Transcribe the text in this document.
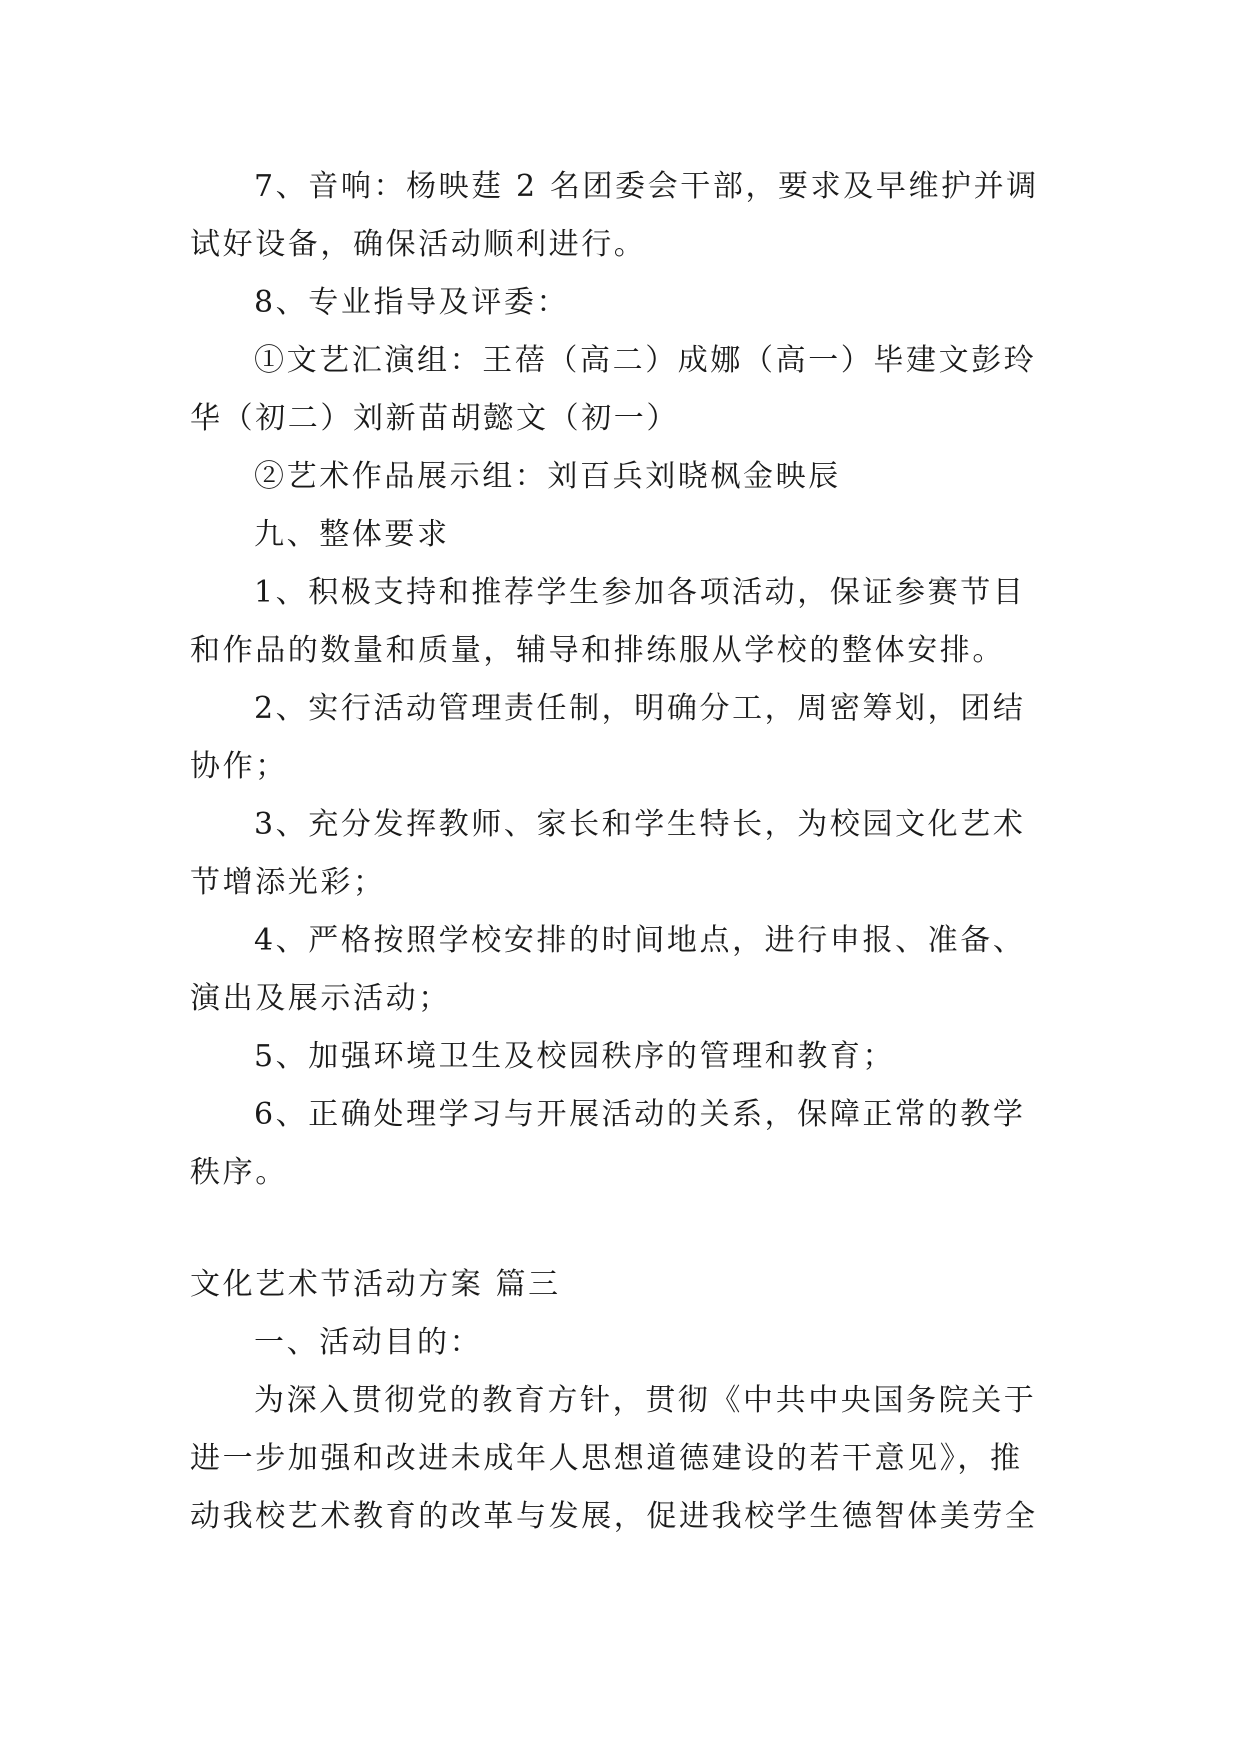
7、音响：杨映莛 2 名团委会干部，要求及早维护并调

试好设备，确保活动顺利进行。

8、专业指导及评委：

①文艺汇演组：王蓓（高二）成娜（高一）毕建文彭玲

华（初二）刘新苗胡懿文（初一）

②艺术作品展示组：刘百兵刘晓枫金映辰

九、整体要求

1、积极支持和推荐学生参加各项活动，保证参赛节目

和作品的数量和质量，辅导和排练服从学校的整体安排。

2、实行活动管理责任制，明确分工，周密筹划，团结

协作；

3、充分发挥教师、家长和学生特长，为校园文化艺术

节增添光彩；

4、严格按照学校安排的时间地点，进行申报、准备、

演出及展示活动；

5、加强环境卫生及校园秩序的管理和教育；

6、正确处理学习与开展活动的关系，保障正常的教学

秩序。

文化艺术节活动方案 篇三

一、活动目的：

为深入贯彻党的教育方针，贯彻《中共中央国务院关于

进一步加强和改进未成年人思想道德建设的若干意见》，推

动我校艺术教育的改革与发展，促进我校学生德智体美劳全
